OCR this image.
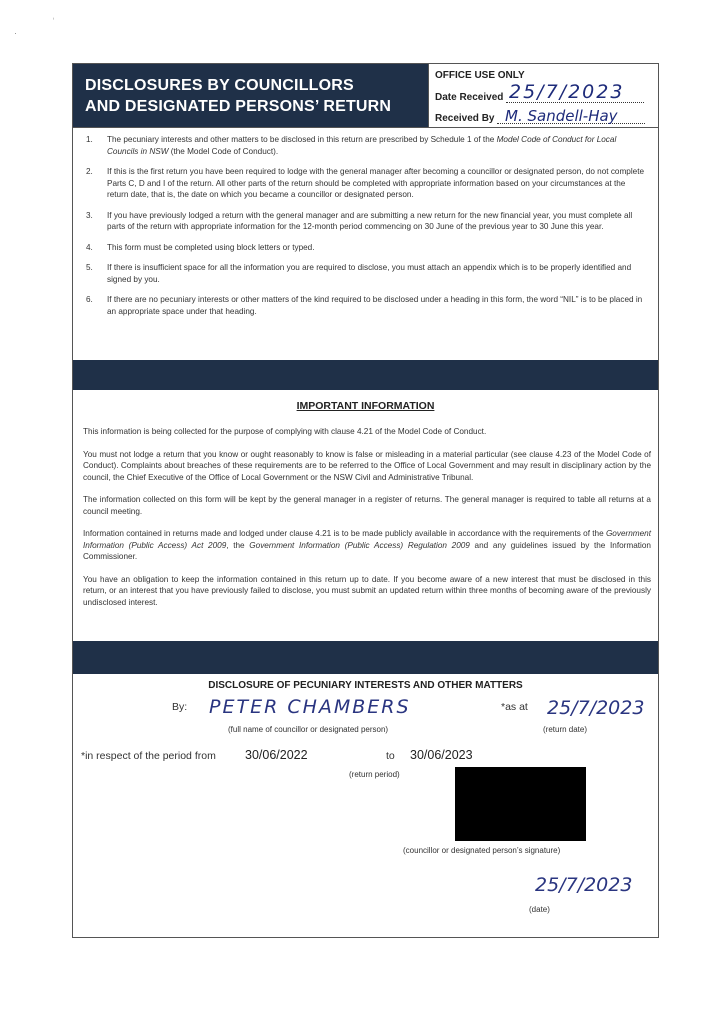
˒
·
DISCLOSURES BY COUNCILLORS
AND DESIGNATED PERSONS’ RETURN
OFFICE USE ONLY
Date Received 25/7/2023
Received By M. Sandell-Hay
1. The pecuniary interests and other matters to be disclosed in this return are prescribed by Schedule 1 of the Model Code of Conduct for Local Councils in NSW (the Model Code of Conduct).
2. If this is the first return you have been required to lodge with the general manager after becoming a councillor or designated person, do not complete Parts C, D and I of the return. All other parts of the return should be completed with appropriate information based on your circumstances at the return date, that is, the date on which you became a councillor or designated person.
3. If you have previously lodged a return with the general manager and are submitting a new return for the new financial year, you must complete all parts of the return with appropriate information for the 12-month period commencing on 30 June of the previous year to 30 June this year.
4. This form must be completed using block letters or typed.
5. If there is insufficient space for all the information you are required to disclose, you must attach an appendix which is to be properly identified and signed by you.
6. If there are no pecuniary interests or other matters of the kind required to be disclosed under a heading in this form, the word “NIL” is to be placed in an appropriate space under that heading.
IMPORTANT INFORMATION

This information is being collected for the purpose of complying with clause 4.21 of the Model Code of Conduct.

You must not lodge a return that you know or ought reasonably to know is false or misleading in a material particular (see clause 4.23 of the Model Code of Conduct). Complaints about breaches of these requirements are to be referred to the Office of Local Government and may result in disciplinary action by the council, the Chief Executive of the Office of Local Government or the NSW Civil and Administrative Tribunal.

The information collected on this form will be kept by the general manager in a register of returns. The general manager is required to table all returns at a council meeting.

Information contained in returns made and lodged under clause 4.21 is to be made publicly available in accordance with the requirements of the Government Information (Public Access) Act 2009, the Government Information (Public Access) Regulation 2009 and any guidelines issued by the Information Commissioner.

You have an obligation to keep the information contained in this return up to date. If you become aware of a new interest that must be disclosed in this return, or an interest that you have previously failed to disclose, you must submit an updated return within three months of becoming aware of the previously undisclosed interest.

DISCLOSURE OF PECUNIARY INTERESTS AND OTHER MATTERS
By: PETER CHAMBERS
(full name of councillor or designated person)
*as at 25/7/2023
(return date)
*in respect of the period from 30/06/2022	to 30/06/2023
(return period)
(councillor or designated person’s signature)
25/7/2023
(date)
